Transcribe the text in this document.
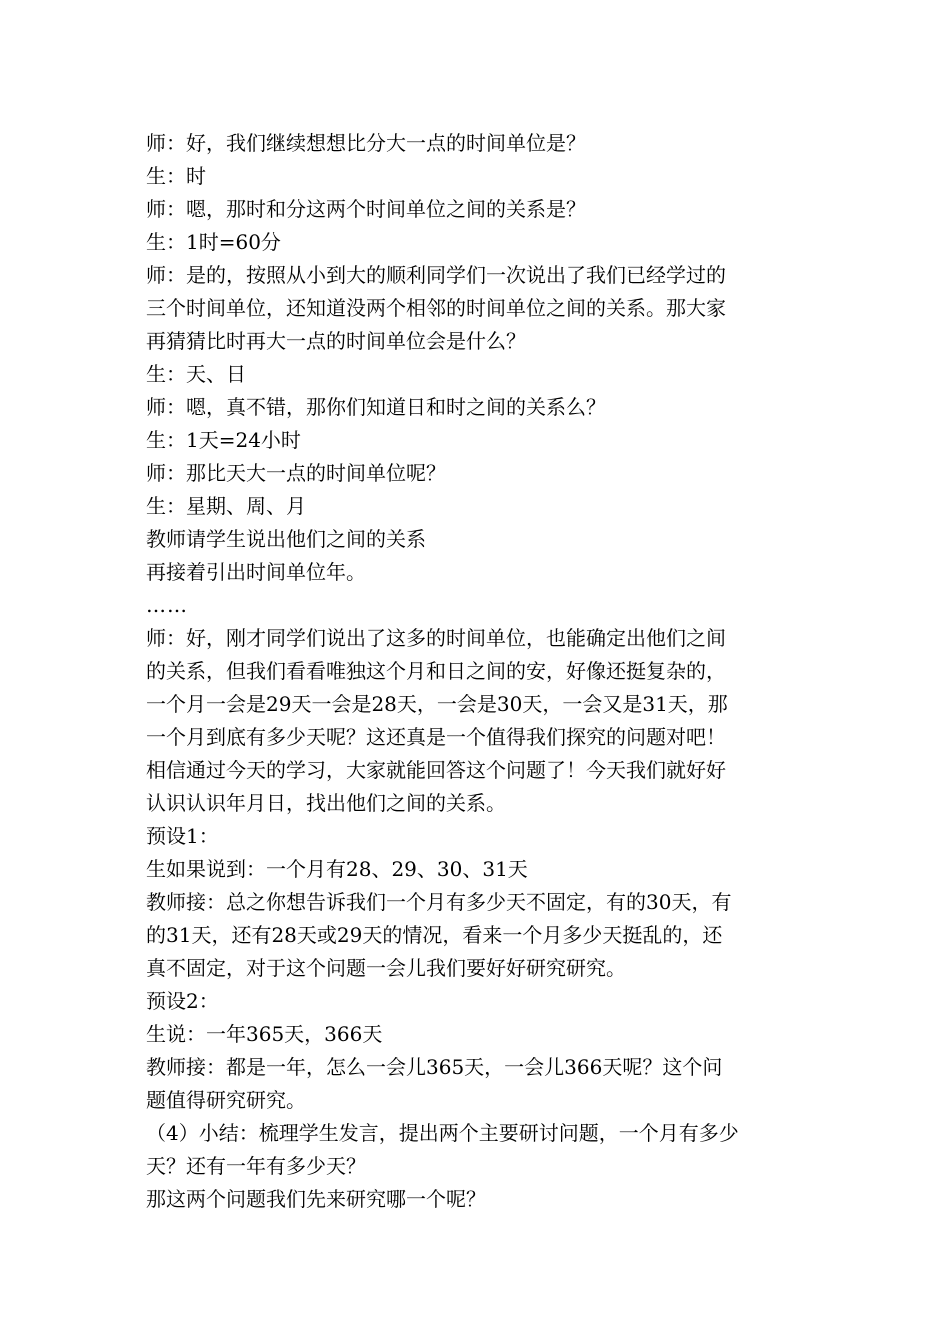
师：好，我们继续想想比分大一点的时间单位是？
生：时
师：嗯，那时和分这两个时间单位之间的关系是？
生：1时=60分
师：是的，按照从小到大的顺利同学们一次说出了我们已经学过的
三个时间单位，还知道没两个相邻的时间单位之间的关系。那大家
再猜猜比时再大一点的时间单位会是什么？
生：天、日
师：嗯，真不错，那你们知道日和时之间的关系么？
生：1天=24小时
师：那比天大一点的时间单位呢？
生：星期、周、月
教师请学生说出他们之间的关系
再接着引出时间单位年。
……
师：好，刚才同学们说出了这多的时间单位，也能确定出他们之间
的关系，但我们看看唯独这个月和日之间的安，好像还挺复杂的，
一个月一会是29天一会是28天，一会是30天，一会又是31天，那
一个月到底有多少天呢？这还真是一个值得我们探究的问题对吧！
相信通过今天的学习，大家就能回答这个问题了！今天我们就好好
认识认识年月日，找出他们之间的关系。
预设1：
生如果说到：一个月有28、29、30、31天
教师接：总之你想告诉我们一个月有多少天不固定，有的30天，有
的31天，还有28天或29天的情况，看来一个月多少天挺乱的，还
真不固定，对于这个问题一会儿我们要好好研究研究。
预设2：
生说：一年365天，366天
教师接：都是一年，怎么一会儿365天，一会儿366天呢？这个问
题值得研究研究。
（4）小结：梳理学生发言，提出两个主要研讨问题，一个月有多少
天？还有一年有多少天？
那这两个问题我们先来研究哪一个呢？
